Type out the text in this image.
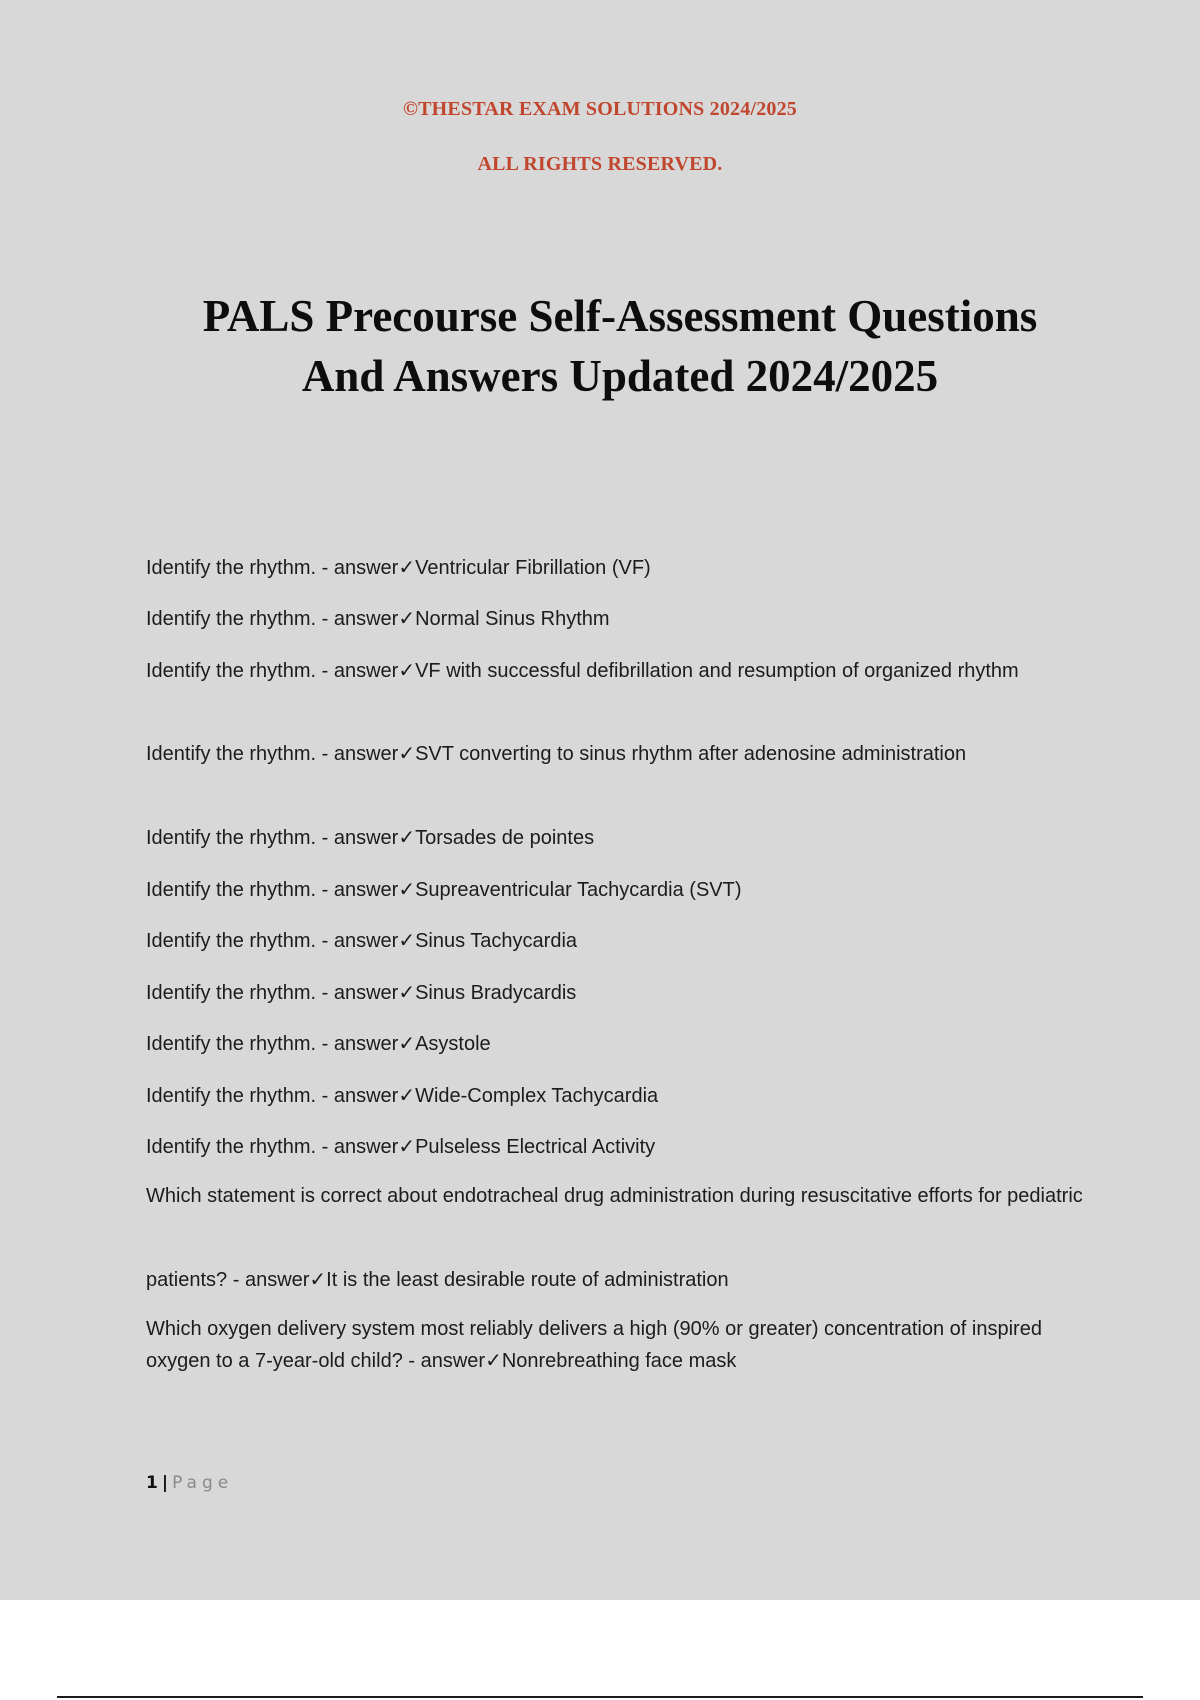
©THESTAR EXAM SOLUTIONS 2024/2025
ALL RIGHTS RESERVED.
PALS Precourse Self-Assessment Questions
And Answers Updated 2024/2025
Identify the rhythm. - answer✓Ventricular Fibrillation (VF)
Identify the rhythm. - answer✓Normal Sinus Rhythm
Identify the rhythm. - answer✓VF with successful defibrillation and resumption of organized rhythm
Identify the rhythm. - answer✓SVT converting to sinus rhythm after adenosine administration
Identify the rhythm. - answer✓Torsades de pointes
Identify the rhythm. - answer✓Supreaventricular Tachycardia (SVT)
Identify the rhythm. - answer✓Sinus Tachycardia
Identify the rhythm. - answer✓Sinus Bradycardis
Identify the rhythm. - answer✓Asystole
Identify the rhythm. - answer✓Wide-Complex Tachycardia
Identify the rhythm. - answer✓Pulseless Electrical Activity
Which statement is correct about endotracheal drug administration during resuscitative efforts for pediatric
patients? - answer✓It is the least desirable route of administration
Which oxygen delivery system most reliably delivers a high (90% or greater) concentration of inspired oxygen to a 7-year-old child? - answer✓Nonrebreathing face mask
1 | Page
